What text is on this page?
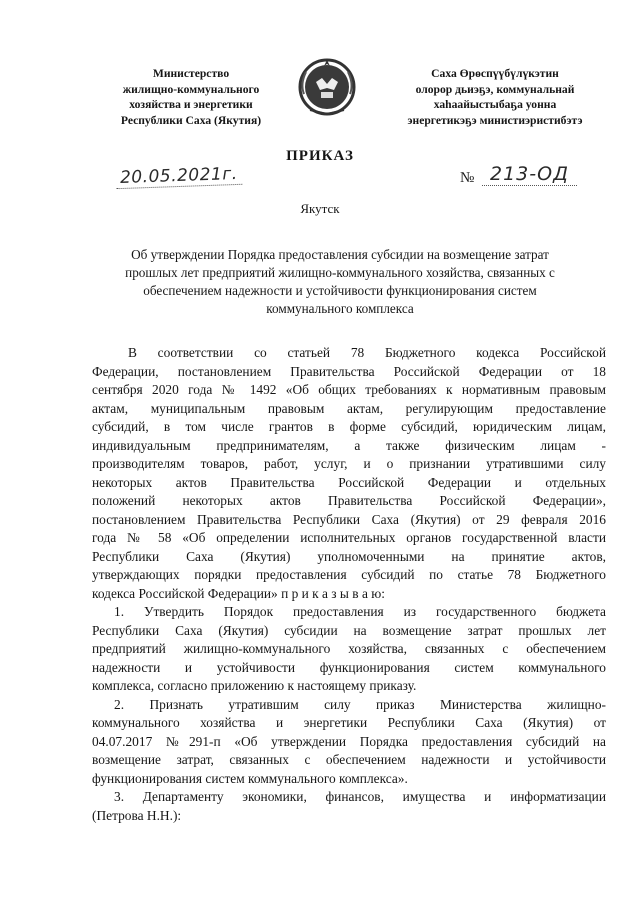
Министерство
жилищно-коммунального
хозяйства и энергетики
Республики Саха (Якутия)
Саха Өрөспүүбүлүкэтин
олорор дьиэҕэ, коммунальнай
хаһаайыстыбаҕа уонна
энергетикэҕэ министиэристибэтэ
ПРИКАЗ
20.05.2021г.	№ 213-ОД
Якутск
Об утверждении Порядка предоставления субсидии на возмещение затрат
прошлых лет предприятий жилищно-коммунального хозяйства, связанных с
обеспечением надежности и устойчивости функционирования систем
коммунального комплекса
В соответствии со статьей 78 Бюджетного кодекса Российской
Федерации, постановлением Правительства Российской Федерации от 18
сентября 2020 года № 1492 «Об общих требованиях к нормативным правовым
актам, муниципальным правовым актам, регулирующим предоставление
субсидий, в том числе грантов в форме субсидий, юридическим лицам,
индивидуальным предпринимателям, а также физическим лицам -
производителям товаров, работ, услуг, и о признании утратившими силу
некоторых актов Правительства Российской Федерации и отдельных
положений некоторых актов Правительства Российской Федерации»,
постановлением Правительства Республики Саха (Якутия) от 29 февраля 2016
года № 58 «Об определении исполнительных органов государственной власти
Республики Саха (Якутия) уполномоченными на принятие актов,
утверждающих порядки предоставления субсидий по статье 78 Бюджетного
кодекса Российской Федерации» п р и к а з ы в а ю:
1. Утвердить Порядок предоставления из государственного бюджета
Республики Саха (Якутия) субсидии на возмещение затрат прошлых лет
предприятий жилищно-коммунального хозяйства, связанных с обеспечением
надежности и устойчивости функционирования систем коммунального
комплекса, согласно приложению к настоящему приказу.
2. Признать утратившим силу приказ Министерства жилищно-
коммунального хозяйства и энергетики Республики Саха (Якутия) от
04.07.2017 №291-п «Об утверждении Порядка предоставления субсидий на
возмещение затрат, связанных с обеспечением надежности и устойчивости
функционирования систем коммунального комплекса».
3. Департаменту экономики, финансов, имущества и информатизации
(Петрова Н.Н.):
